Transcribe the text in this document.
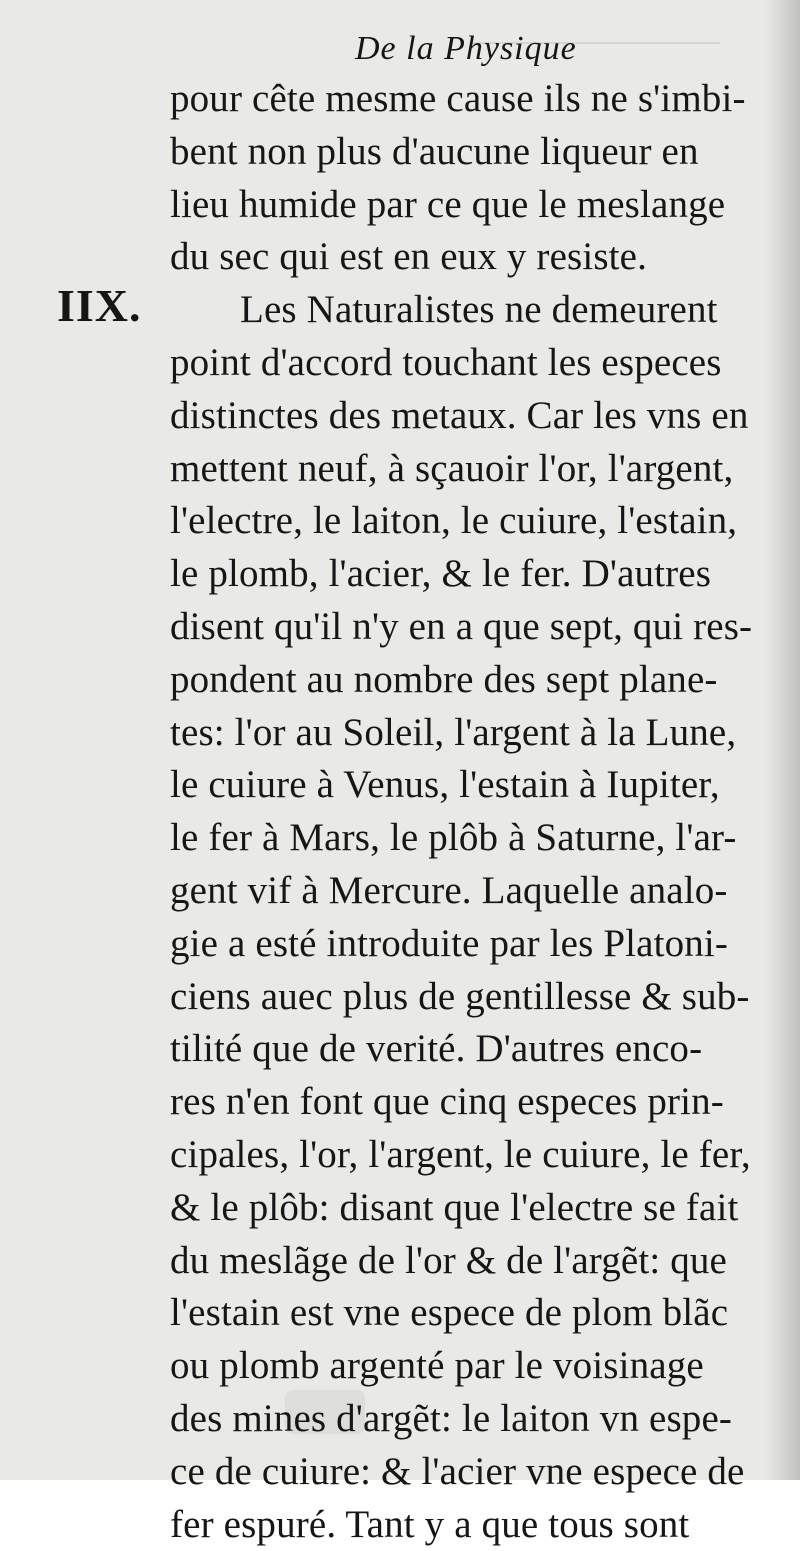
De la Physique
IIX.
pour cête mesme cause ils ne s'imbi-
bent non plus d'aucune liqueur en
lieu humide par ce que le meslange
du sec qui est en eux y resiste.
Les Naturalistes ne demeurent
point d'accord touchant les especes
distinctes des metaux. Car les vns en
mettent neuf, à sçauoir l'or, l'argent,
l'electre, le laiton, le cuiure, l'estain,
le plomb, l'acier, & le fer. D'autres
disent qu'il n'y en a que sept, qui res-
pondent au nombre des sept plane-
tes: l'or au Soleil, l'argent à la Lune,
le cuiure à Venus, l'estain à Iupiter,
le fer à Mars, le plôb à Saturne, l'ar-
gent vif à Mercure. Laquelle analo-
gie a esté introduite par les Platoni-
ciens auec plus de gentillesse & sub-
tilité que de verité. D'autres enco-
res n'en font que cinq especes prin-
cipales, l'or, l'argent, le cuiure, le fer,
& le plôb: disant que l'electre se fait
du meslãge de l'or & de l'argẽt: que
l'estain est vne espece de plom blãc
ou plomb argenté par le voisinage
des mines d'argẽt: le laiton vn espe-
ce de cuiure: & l'acier vne espece de
fer espuré. Tant y a que tous sont
